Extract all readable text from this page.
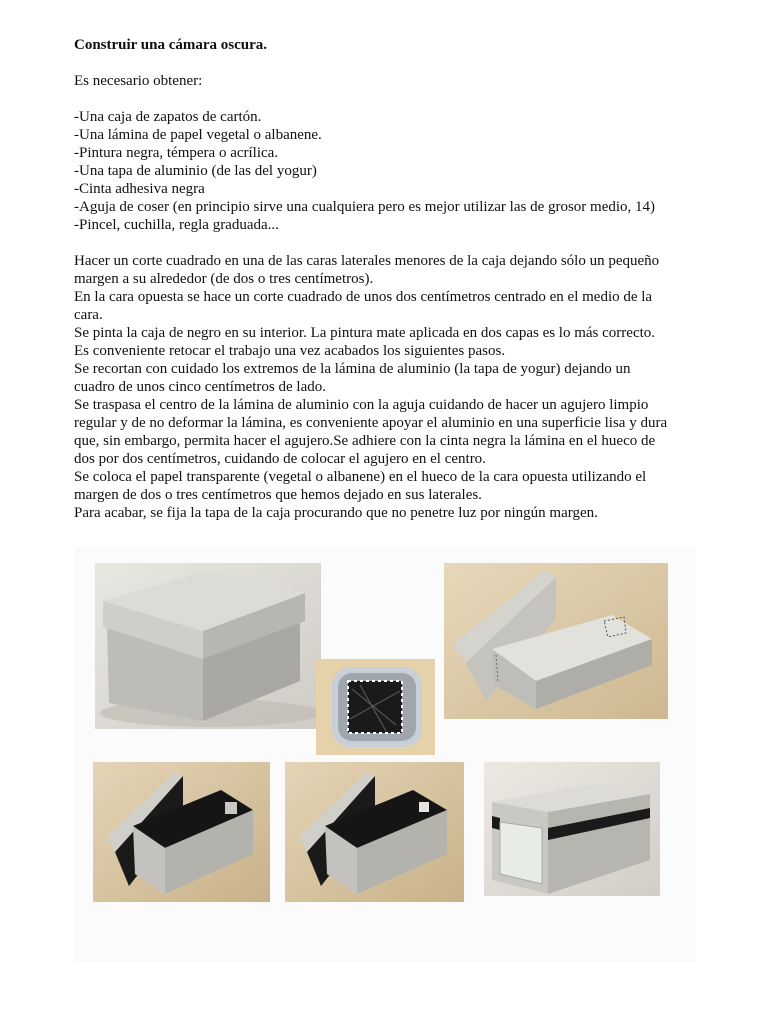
Construir una cámara oscura.

Es necesario obtener:

-Una caja de zapatos de cartón.

-Una lámina de papel vegetal o albanene.

-Pintura negra, témpera o acrílica.

-Una tapa de aluminio (de las del yogur)

-Cinta adhesiva negra

-Aguja de coser (en principio sirve una cualquiera pero es mejor utilizar las de grosor medio, 14)

-Pincel, cuchilla, regla graduada...

Hacer un corte cuadrado en una de las caras laterales menores de la caja dejando sólo un pequeño
margen a su alrededor (de dos o tres centímetros).
En la cara opuesta se hace un corte cuadrado de unos dos centímetros centrado en el medio de la
cara.
Se pinta la caja de negro en su interior. La pintura mate aplicada en dos capas es lo más correcto.
Es conveniente retocar el trabajo una vez acabados los siguientes pasos.
Se recortan con cuidado los extremos de la lámina de aluminio (la tapa de yogur) dejando un
cuadro de unos cinco centímetros de lado.
Se traspasa el centro de la lámina de aluminio con la aguja cuidando de hacer un agujero limpio
regular y de no deformar la lámina, es conveniente apoyar el aluminio en una superficie lisa y dura
que, sin embargo, permita hacer el agujero.Se adhiere con la cinta negra la lámina en el hueco de
dos por dos centímetros, cuidando de colocar el agujero en el centro.
Se coloca el papel transparente (vegetal o albanene) en el hueco de la cara opuesta utilizando el
margen de dos o tres centímetros que hemos dejado en sus laterales.
Para acabar, se fija la tapa de la caja procurando que no penetre luz por ningún margen.
